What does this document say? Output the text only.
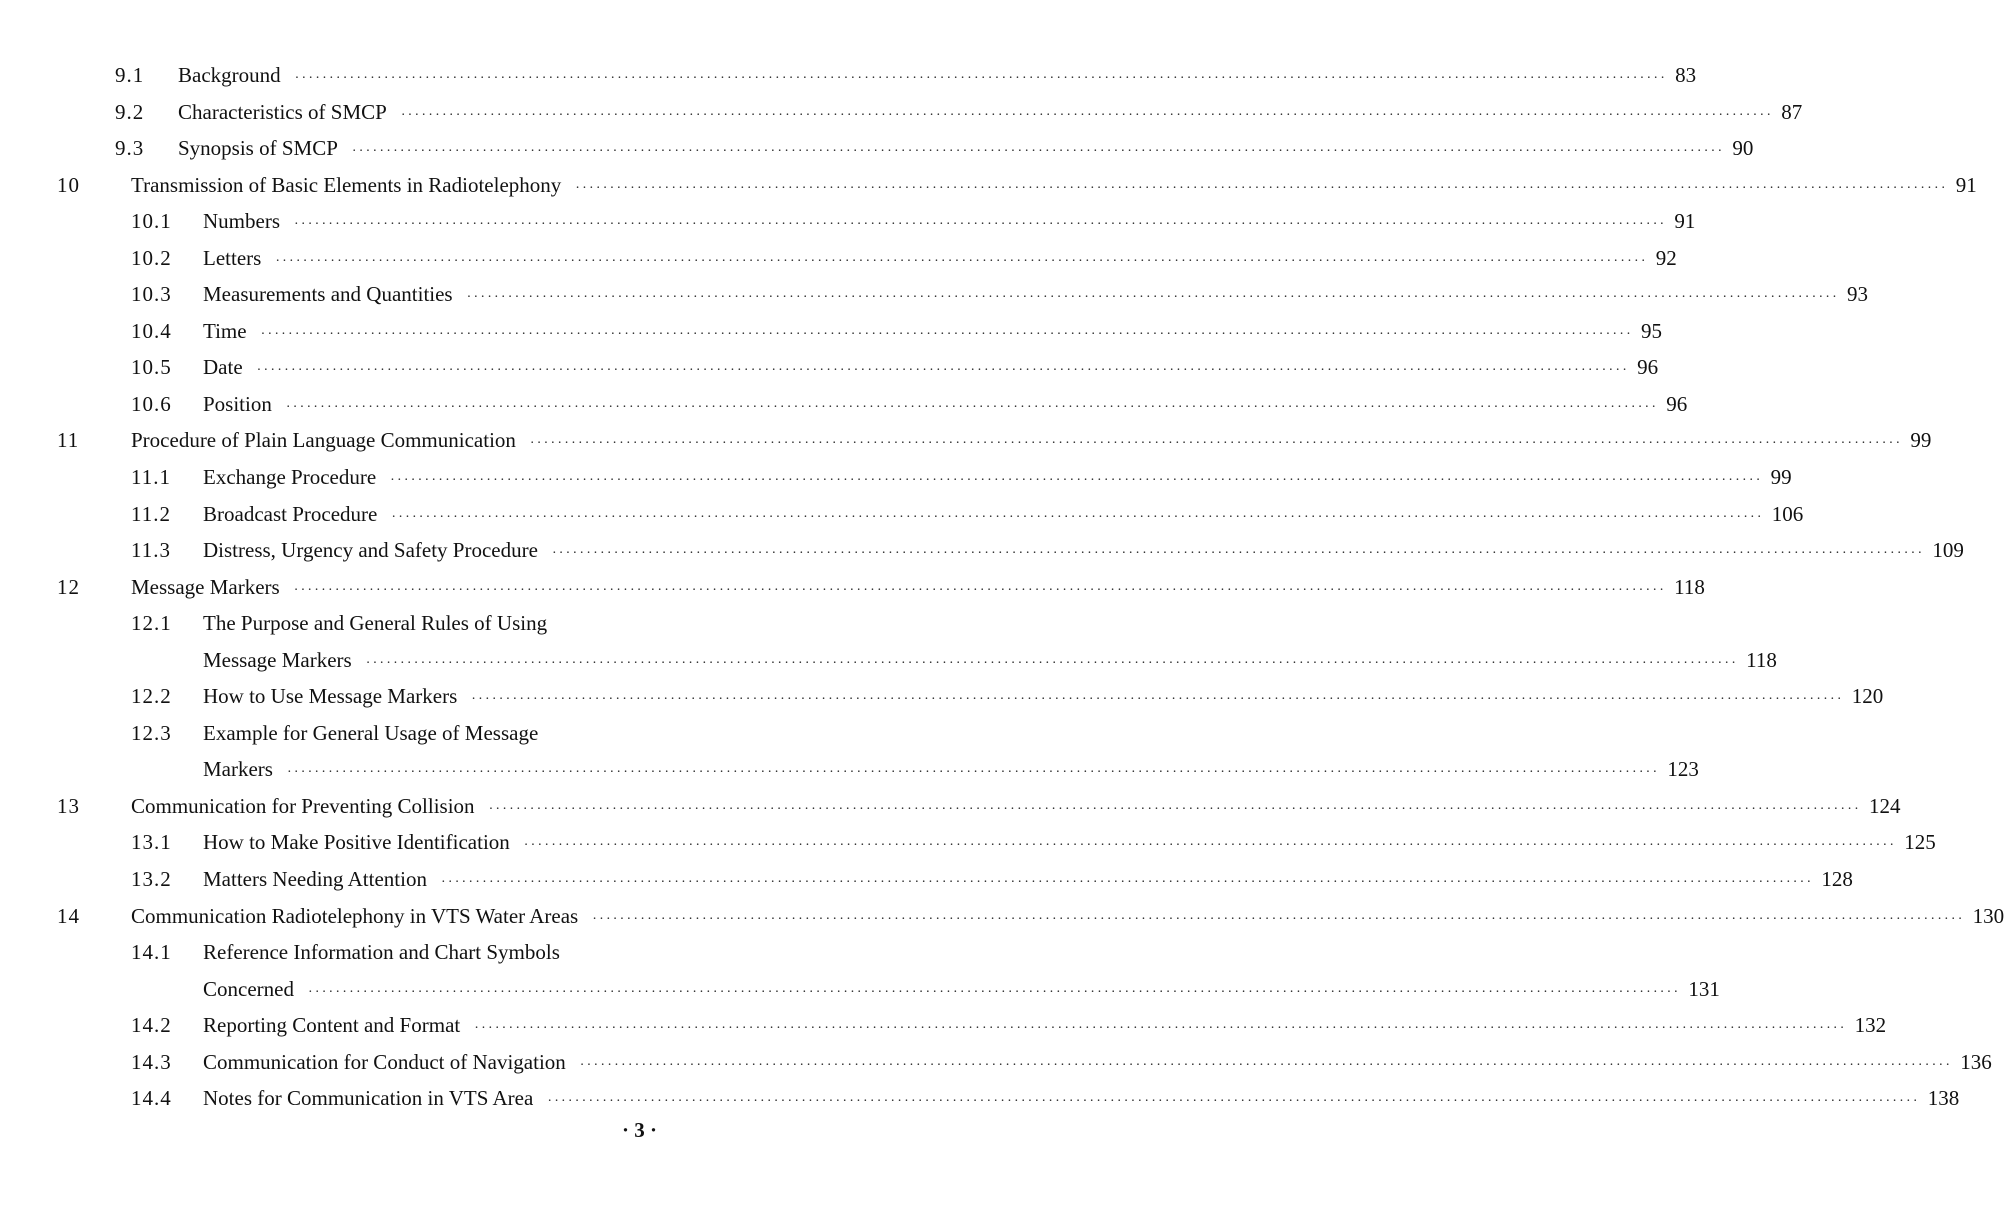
9.1 Background ········································································································································································································ 83
9.2 Characteristics of SMCP ········································································································································································································ 87
9.3 Synopsis of SMCP ········································································································································································································ 90
10 Transmission of Basic Elements in Radiotelephony ········································································································································································································ 91
10.1 Numbers ········································································································································································································ 91
10.2 Letters ········································································································································································································ 92
10.3 Measurements and Quantities ········································································································································································································ 93
10.4 Time ········································································································································································································ 95
10.5 Date ········································································································································································································ 96
10.6 Position ········································································································································································································ 96
11 Procedure of Plain Language Communication ········································································································································································································ 99
11.1 Exchange Procedure ········································································································································································································ 99
11.2 Broadcast Procedure ········································································································································································································ 106
11.3 Distress, Urgency and Safety Procedure ········································································································································································································ 109
12 Message Markers ········································································································································································································ 118
12.1 The Purpose and General Rules of Using
Message Markers ········································································································································································································ 118
12.2 How to Use Message Markers ········································································································································································································ 120
12.3 Example for General Usage of Message
Markers ········································································································································································································ 123
13 Communication for Preventing Collision ········································································································································································································ 124
13.1 How to Make Positive Identification ········································································································································································································ 125
13.2 Matters Needing Attention ········································································································································································································ 128
14 Communication Radiotelephony in VTS Water Areas ········································································································································································································ 130
14.1 Reference Information and Chart Symbols
Concerned ········································································································································································································ 131
14.2 Reporting Content and Format ········································································································································································································ 132
14.3 Communication for Conduct of Navigation ········································································································································································································ 136
14.4 Notes for Communication in VTS Area ········································································································································································································ 138
· 3 ·
